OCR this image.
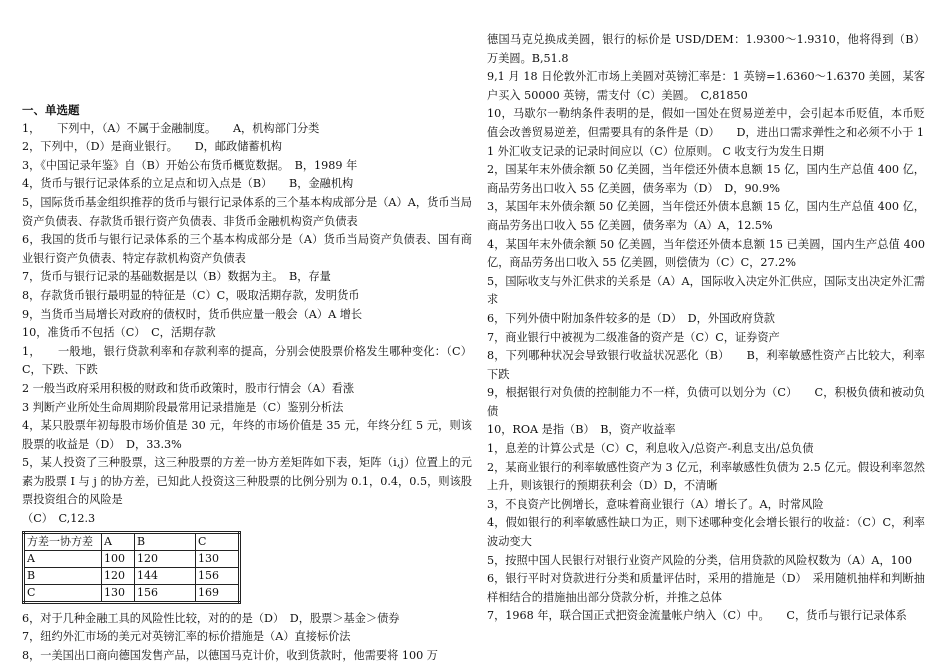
一、单选题

1，　　下列中，（A）不属于金融制度。　　A，机构部门分类

2，下列中，（D）是商业银行。　　D，邮政储蓄机构

3，《中国记录年鉴》自（B）开始公布货币概览数据。　B，1989 年

4，货币与银行记录体系的立足点和切入点是（B）　　B，金融机构

5，国际货币基金组织推荐的货币与银行记录体系的三个基本构成部分是（A）A，货币当局资产负债表、存款货币银行资产负债表、非货币金融机构资产负债表

6，我国的货币与银行记录体系的三个基本构成部分是（A）货币当局资产负债表、国有商业银行资产负债表、特定存款机构资产负债表

7，货币与银行记录的基础数据是以（B）数据为主。　B，存量

8，存款货币银行最明显的特征是（C）C，吸取活期存款，发明货币

9，当货币当局增长对政府的债权时，货币供应量一般会（A）A 增长

10，准货币不包括（C）　C，活期存款

1，　　一般地，银行贷款利率和存款利率的提高，分别会使股票价格发生哪种变化：（C）C，下跌、下跌

2 一般当政府采用积极的财政和货币政策时，股市行情会（A）看涨

3 判断产业所处生命周期阶段最常用记录措施是（C）鉴别分析法

4，某只股票年初每股市场价值是 30 元，年终的市场价值是 35 元，年终分红 5 元，则该股票的收益是（D）　D，33.3%

5，某人投资了三种股票，这三种股票的方差一协方差矩阵如下表，矩阵（i,j）位置上的元素为股票 I 与 j 的协方差，已知此人投资这三种股票的比例分别为 0.1，0.4，0.5，则该股票投资组合的风险是

（C）　C,12.3

方差一协方差	A	B	C
A	100	120	130
B	120	144	156
C	130	156	169

6，对于几种金融工具的风险性比较，对的的是（D）　D，股票＞基金＞债券

7，纽约外汇市场的美元对英镑汇率的标价措施是（A）直接标价法

8，一美国出口商向德国发售产品，以德国马克计价，收到货款时，他需要将 100 万

德国马克兑换成美圆，银行的标价是 USD/DEM：1.9300～1.9310，他将得到（B）万美圆。B,51.8

9,1 月 18 日伦敦外汇市场上美圆对英镑汇率是：1 英镑=1.6360～1.6370 美圆，某客户买入 50000 英镑，需支付（C）美圆。　C,81850

10，马歇尔一勒纳条件表明的是，假如一国处在贸易逆差中，会引起本币贬值，本币贬值会改善贸易逆差，但需要具有的条件是（D）　　D，进出口需求弹性之和必须不小于 1

1 外汇收支记录的记录时间应以（C）位原则。 C 收支行为发生日期

2，国某年末外债余额 50 亿美圆，当年偿还外债本息额 15 亿，国内生产总值 400 亿，商品劳务出口收入 55 亿美圆，债务率为（D）　D，90.9%

3，某国年末外债余额 50 亿美圆，当年偿还外债本息额 15 亿，国内生产总值 400 亿，商品劳务出口收入 55 亿美圆，债务率为（A）A，12.5%

4，某国年末外债余额 50 亿美圆，当年偿还外债本息额 15 已美圆，国内生产总值 400 亿，商品劳务出口收入 55 亿美圆，则偿债为（C）C，27.2%

5，国际收支与外汇供求的关系是（A）A，国际收入决定外汇供应，国际支出决定外汇需求

6，下列外债中附加条件较多的是（D）　D，外国政府贷款

7，商业银行中被视为二级准备的资产是（C）C，证券资产

8，下列哪种状况会导致银行收益状况恶化（B）　　B，利率敏感性资产占比较大，利率下跌

9，根据银行对负债的控制能力不一样，负债可以划分为（C）　　C，积极负债和被动负债

10，ROA 是指（B）　B，资产收益率

1，息差的计算公式是（C）C，利息收入/总资产-利息支出/总负债

2，某商业银行的利率敏感性资产为 3 亿元，利率敏感性负债为 2.5 亿元。假设利率忽然上升，则该银行的预期获利会（D）D，不清晰

3，不良资产比例增长，意味着商业银行（A）增长了。A，时常风险

4，假如银行的利率敏感性缺口为正，则下述哪种变化会增长银行的收益：（C）C，利率波动变大

5，按照中国人民银行对银行业资产风险的分类，信用贷款的风险权数为（A）A，100

6，银行平时对贷款进行分类和质量评估时，采用的措施是（D）　采用随机抽样和判断抽样相结合的措施抽出部分贷款分析，并推之总体

7，1968 年，联合国正式把资金流量帐户纳入（C）中。　　C，货币与银行记录体系
